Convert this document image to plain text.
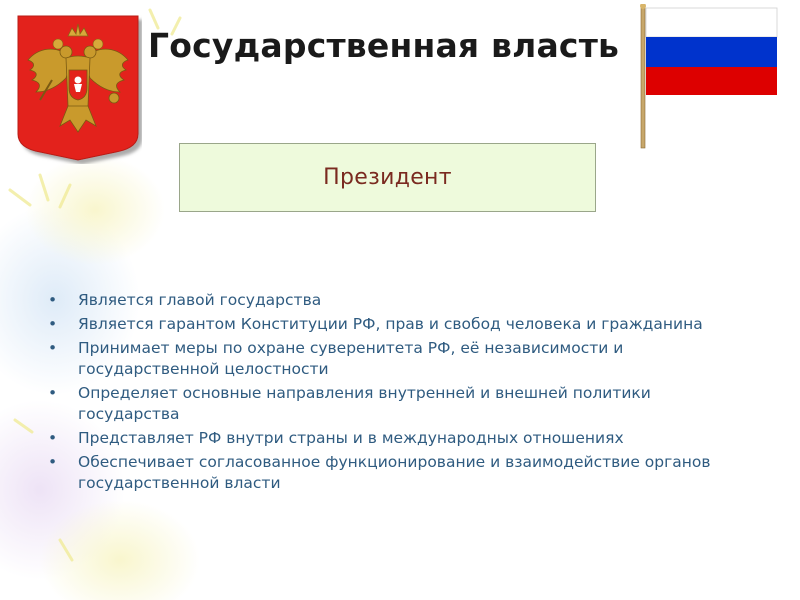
Государственная власть
Президент
• Является главой государства
• Является гарантом Конституции РФ, прав и свобод человека и гражданина
• Принимает меры по охране суверенитета РФ, её независимости и государственной целостности
• Определяет основные направления внутренней и внешней политики государства
• Представляет РФ внутри страны и в международных отношениях
• Обеспечивает согласованное функционирование и взаимодействие органов государственной власти
